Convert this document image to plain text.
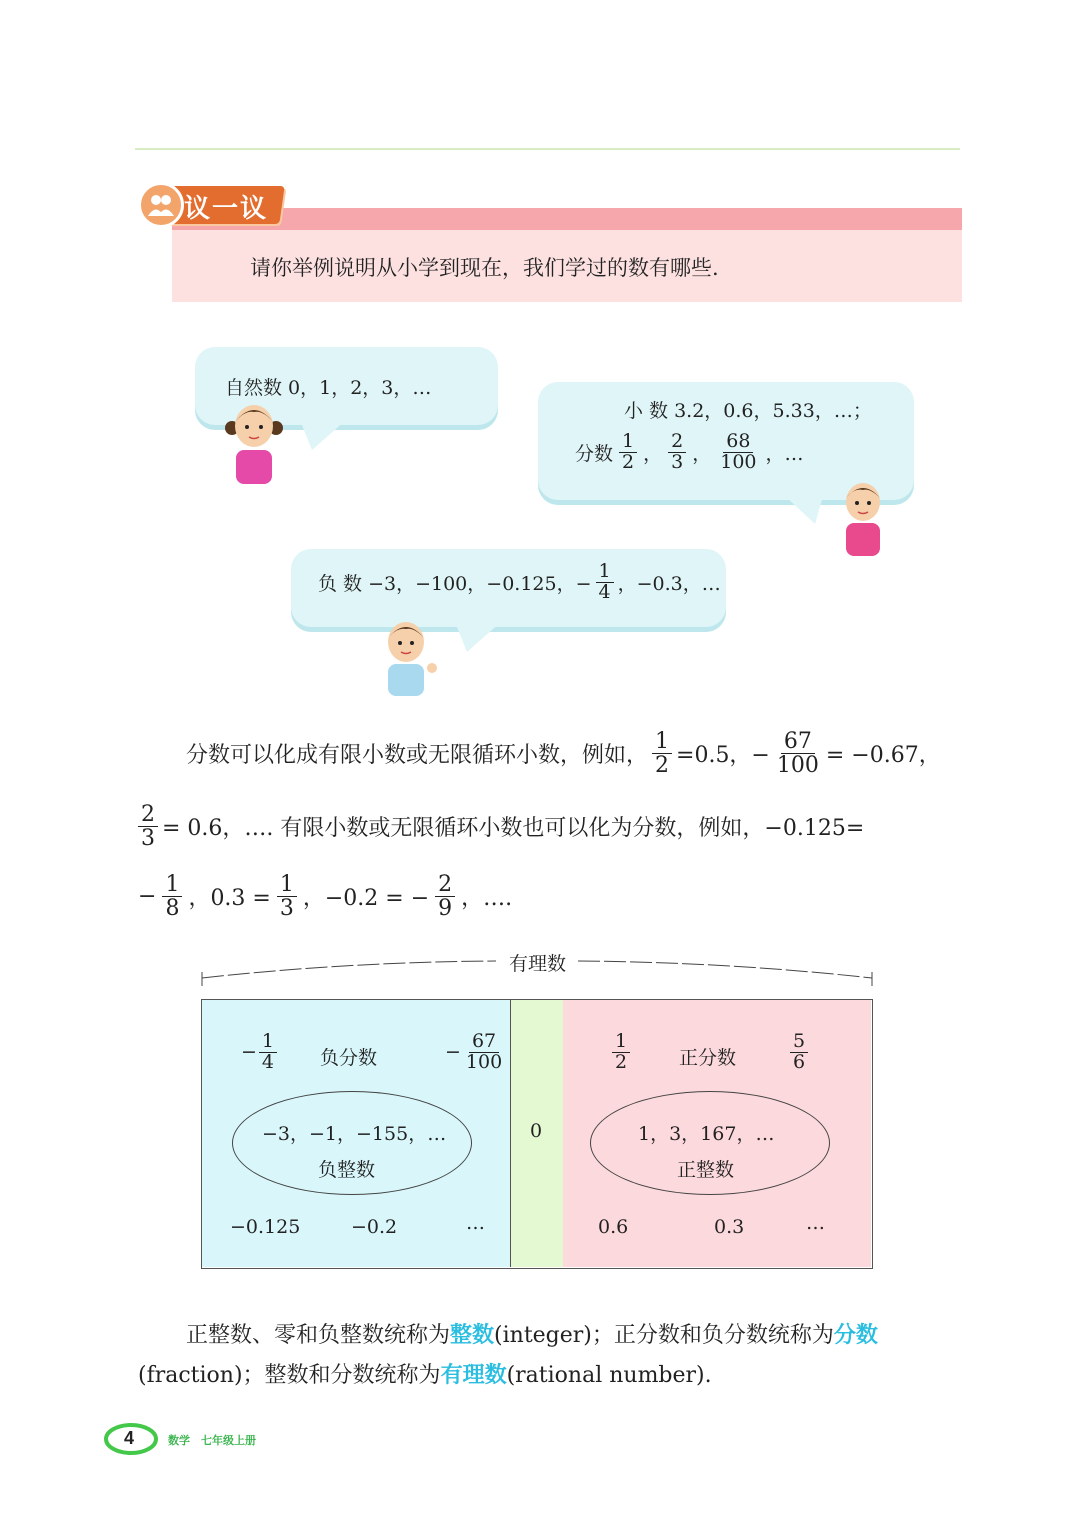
议一议
请你举例说明从小学到现在，我们学过的数有哪些.
自然数 0，1，2，3，…
小 数 3.2，0.6，5.33，…；
分数 $\frac{1}{2}$ ， $\frac{2}{3}$ ， $\frac{68}{100}$ ，…
负 数 −3，−100，−0.125，− $\frac{1}{4}$ ，−0.3，…
分数可以化成有限小数或无限循环小数，例如， $\frac{1}{2} =0.5$，− $\frac{67}{100} = -0.67$，
$\frac{2}{3} = 0.6$，…. 有限小数或无限循环小数也可以化为分数，例如，−0.125=
− $\frac{1}{8}$ ，$0.3 = \frac{1}{3}$ ，−0.2 = − $\frac{2}{9}$ ，….
有理数
− $\frac{1}{4}$ 负分数	− $\frac{67}{100}$
−3，−1，−155，…
负整数
−0.125	−0.2	…
0
$\frac{1}{2}$	正分数	$\frac{5}{6}$
1，3，167，…
正整数
0.6	0.3	…
正整数、零和负整数统称为整数(integer)；正分数和负分数统称为分数
(fraction)；整数和分数统称为有理数(rational number).
4	数学　七年级上册
